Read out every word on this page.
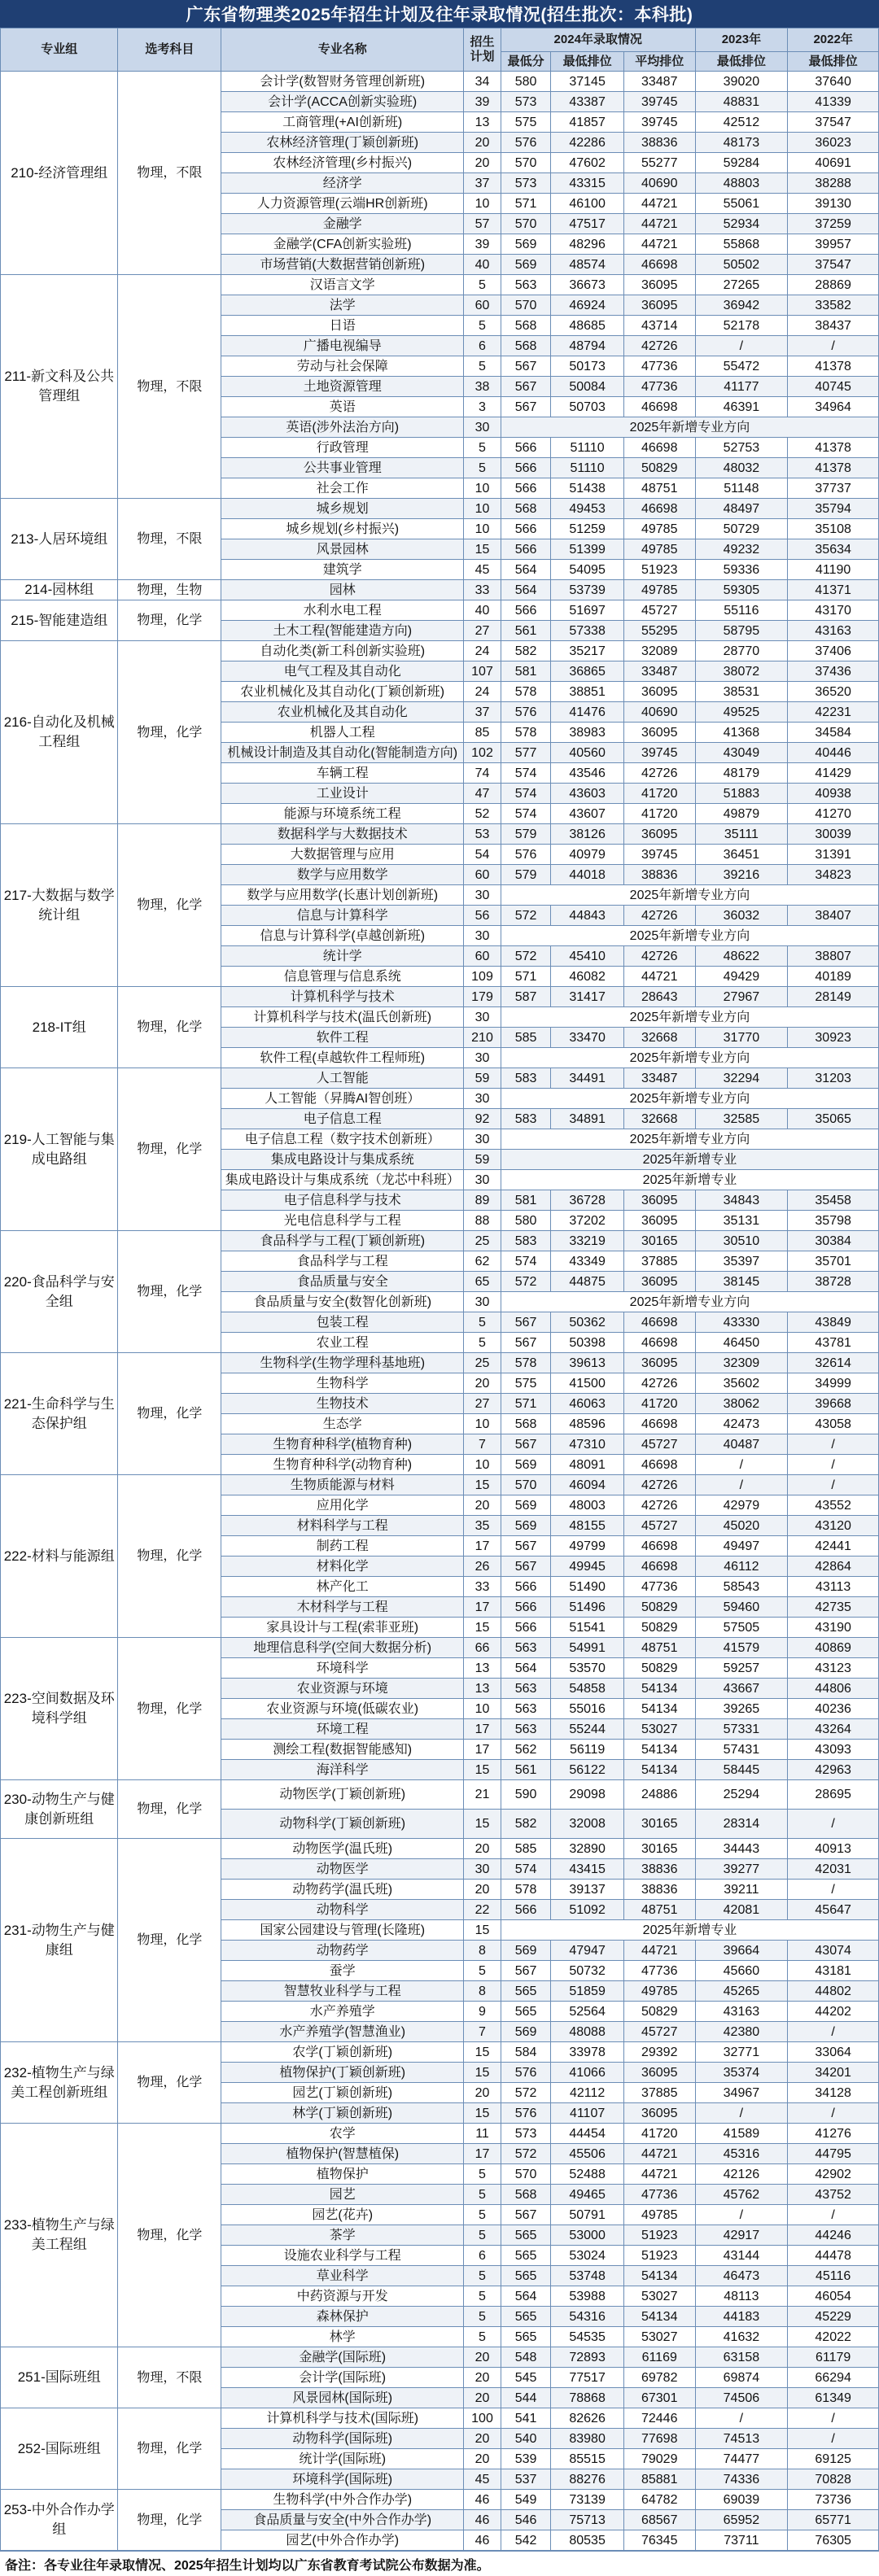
广东省物理类2025年招生计划及往年录取情况(招生批次：本科批)
专业组	选考科目	专业名称	招生计划	2024年录取情况			2023年	2022年
				最低分	最低排位	平均排位	最低排位	最低排位
210-经济管理组	物理，不限	会计学(数智财务管理创新班)	34	580	37145	33487	39020	37640
		会计学(ACCA创新实验班)	39	573	43387	39745	48831	41339
		工商管理(+AI创新班)	13	575	41857	39745	42512	37547
		农林经济管理(丁颖创新班)	20	576	42286	38836	48173	36023
		农林经济管理(乡村振兴)	20	570	47602	55277	59284	40691
		经济学	37	573	43315	40690	48803	38288
		人力资源管理(云端HR创新班)	10	571	46100	44721	55061	39130
		金融学	57	570	47517	44721	52934	37259
		金融学(CFA创新实验班)	39	569	48296	44721	55868	39957
		市场营销(大数据营销创新班)	40	569	48574	46698	50502	37547
211-新文科及公共管理组	物理，不限	汉语言文学	5	563	36673	36095	27265	28869
		法学	60	570	46924	36095	36942	33582
		日语	5	568	48685	43714	52178	38437
		广播电视编导	6	568	48794	42726	/	/
		劳动与社会保障	5	567	50173	47736	55472	41378
		土地资源管理	38	567	50084	47736	41177	40745
		英语	3	567	50703	46698	46391	34964
		英语(涉外法治方向)	30	2025年新增专业方向				
		行政管理	5	566	51110	46698	52753	41378
		公共事业管理	5	566	51110	50829	48032	41378
		社会工作	10	566	51438	48751	51148	37737
213-人居环境组	物理，不限	城乡规划	10	568	49453	46698	48497	35794
		城乡规划(乡村振兴)	10	566	51259	49785	50729	35108
		风景园林	15	566	51399	49785	49232	35634
		建筑学	45	564	54095	51923	59336	41190
214-园林组	物理，生物	园林	33	564	53739	49785	59305	41371
215-智能建造组	物理，化学	水利水电工程	40	566	51697	45727	55116	43170
		土木工程(智能建造方向)	27	561	57338	55295	58795	43163
216-自动化及机械工程组	物理，化学	自动化类(新工科创新实验班)	24	582	35217	32089	28770	37406
		电气工程及其自动化	107	581	36865	33487	38072	37436
		农业机械化及其自动化(丁颖创新班)	24	578	38851	36095	38531	36520
		农业机械化及其自动化	37	576	41476	40690	49525	42231
		机器人工程	85	578	38983	36095	41368	34584
		机械设计制造及其自动化(智能制造方向)	102	577	40560	39745	43049	40446
		车辆工程	74	574	43546	42726	48179	41429
		工业设计	47	574	43603	41720	51883	40938
		能源与环境系统工程	52	574	43607	41720	49879	41270
217-大数据与数学统计组	物理，化学	数据科学与大数据技术	53	579	38126	36095	35111	30039
		大数据管理与应用	54	576	40979	39745	36451	31391
		数学与应用数学	60	579	44018	38836	39216	34823
		数学与应用数学(长惠计划创新班)	30	2025年新增专业方向				
		信息与计算科学	56	572	44843	42726	36032	38407
		信息与计算科学(卓越创新班)	30	2025年新增专业方向				
		统计学	60	572	45410	42726	48622	38807
		信息管理与信息系统	109	571	46082	44721	49429	40189
218-IT组	物理，化学	计算机科学与技术	179	587	31417	28643	27967	28149
		计算机科学与技术(温氏创新班)	30	2025年新增专业方向				
		软件工程	210	585	33470	32668	31770	30923
		软件工程(卓越软件工程师班)	30	2025年新增专业方向				
219-人工智能与集成电路组	物理，化学	人工智能	59	583	34491	33487	32294	31203
		人工智能（昇腾AI智创班）	30	2025年新增专业方向				
		电子信息工程	92	583	34891	32668	32585	35065
		电子信息工程（数字技术创新班）	30	2025年新增专业方向				
		集成电路设计与集成系统	59	2025年新增专业				
		集成电路设计与集成系统（龙芯中科班）	30	2025年新增专业				
		电子信息科学与技术	89	581	36728	36095	34843	35458
		光电信息科学与工程	88	580	37202	36095	35131	35798
220-食品科学与安全组	物理，化学	食品科学与工程(丁颖创新班)	25	583	33219	30165	30510	30384
		食品科学与工程	62	574	43349	37885	35397	35701
		食品质量与安全	65	572	44875	36095	38145	38728
		食品质量与安全(数智化创新班)	30	2025年新增专业方向				
		包装工程	5	567	50362	46698	43330	43849
		农业工程	5	567	50398	46698	46450	43781
221-生命科学与生态保护组	物理，化学	生物科学(生物学理科基地班)	25	578	39613	36095	32309	32614
		生物科学	20	575	41500	42726	35602	34999
		生物技术	27	571	46063	41720	38062	39668
		生态学	10	568	48596	46698	42473	43058
		生物育种科学(植物育种)	7	567	47310	45727	40487	/
		生物育种科学(动物育种)	10	569	48091	46698	/	/
222-材料与能源组	物理，化学	生物质能源与材料	15	570	46094	42726	/	/
		应用化学	20	569	48003	42726	42979	43552
		材料科学与工程	35	569	48155	45727	45020	43120
		制药工程	17	567	49799	46698	49497	42441
		材料化学	26	567	49945	46698	46112	42864
		林产化工	33	566	51490	47736	58543	43113
		木材科学与工程	17	566	51496	50829	59460	42735
		家具设计与工程(索菲亚班)	15	566	51541	50829	57505	43190
223-空间数据及环境科学组	物理，化学	地理信息科学(空间大数据分析)	66	563	54991	48751	41579	40869
		环境科学	13	564	53570	50829	59257	43123
		农业资源与环境	13	563	54858	54134	43667	44806
		农业资源与环境(低碳农业)	10	563	55016	54134	39265	40236
		环境工程	17	563	55244	53027	57331	43264
		测绘工程(数据智能感知)	17	562	56119	54134	57431	43093
		海洋科学	15	561	56122	54134	58445	42963
230-动物生产与健康创新班组	物理，化学	动物医学(丁颖创新班)	21	590	29098	24886	25294	28695
		动物科学(丁颖创新班)	15	582	32008	30165	28314	/
231-动物生产与健康组	物理，化学	动物医学(温氏班)	20	585	32890	30165	34443	40913
		动物医学	30	574	43415	38836	39277	42031
		动物药学(温氏班)	20	578	39137	38836	39211	/
		动物科学	22	566	51092	48751	42081	45647
		国家公园建设与管理(长隆班)	15	2025年新增专业				
		动物药学	8	569	47947	44721	39664	43074
		蚕学	5	567	50732	47736	45660	43181
		智慧牧业科学与工程	8	565	51859	49785	45265	44802
		水产养殖学	9	565	52564	50829	43163	44202
		水产养殖学(智慧渔业)	7	569	48088	45727	42380	/
232-植物生产与绿美工程创新班组	物理，化学	农学(丁颖创新班)	15	584	33978	29392	32771	33064
		植物保护(丁颖创新班)	15	576	41066	36095	35374	34201
		园艺(丁颖创新班)	20	572	42112	37885	34967	34128
		林学(丁颖创新班)	15	576	41107	36095	/	/
233-植物生产与绿美工程组	物理，化学	农学	11	573	44454	41720	41589	41276
		植物保护(智慧植保)	17	572	45506	44721	45316	44795
		植物保护	5	570	52488	44721	42126	42902
		园艺	5	568	49465	47736	45762	43752
		园艺(花卉)	5	567	50791	49785	/	/
		茶学	5	565	53000	51923	42917	44246
		设施农业科学与工程	6	565	53024	51923	43144	44478
		草业科学	5	565	53748	54134	46473	45116
		中药资源与开发	5	564	53988	53027	48113	46054
		森林保护	5	565	54316	54134	44183	45229
		林学	5	565	54535	53027	41632	42022
251-国际班组	物理，不限	金融学(国际班)	20	548	72893	61169	63158	61179
		会计学(国际班)	20	545	77517	69782	69874	66294
		风景园林(国际班)	20	544	78868	67301	74506	61349
252-国际班组	物理，化学	计算机科学与技术(国际班)	100	541	82626	72446	/	/
		动物科学(国际班)	20	540	83980	77698	74513	/
		统计学(国际班)	20	539	85515	79029	74477	69125
		环境科学(国际班)	45	537	88276	85881	74336	70828
253-中外合作办学组	物理，化学	生物科学(中外合作办学)	46	549	73139	64782	69039	73736
		食品质量与安全(中外合作办学)	46	546	75713	68567	65952	65771
		园艺(中外合作办学)	46	542	80535	76345	73711	76305
备注：各专业往年录取情况、2025年招生计划均以广东省教育考试院公布数据为准。
